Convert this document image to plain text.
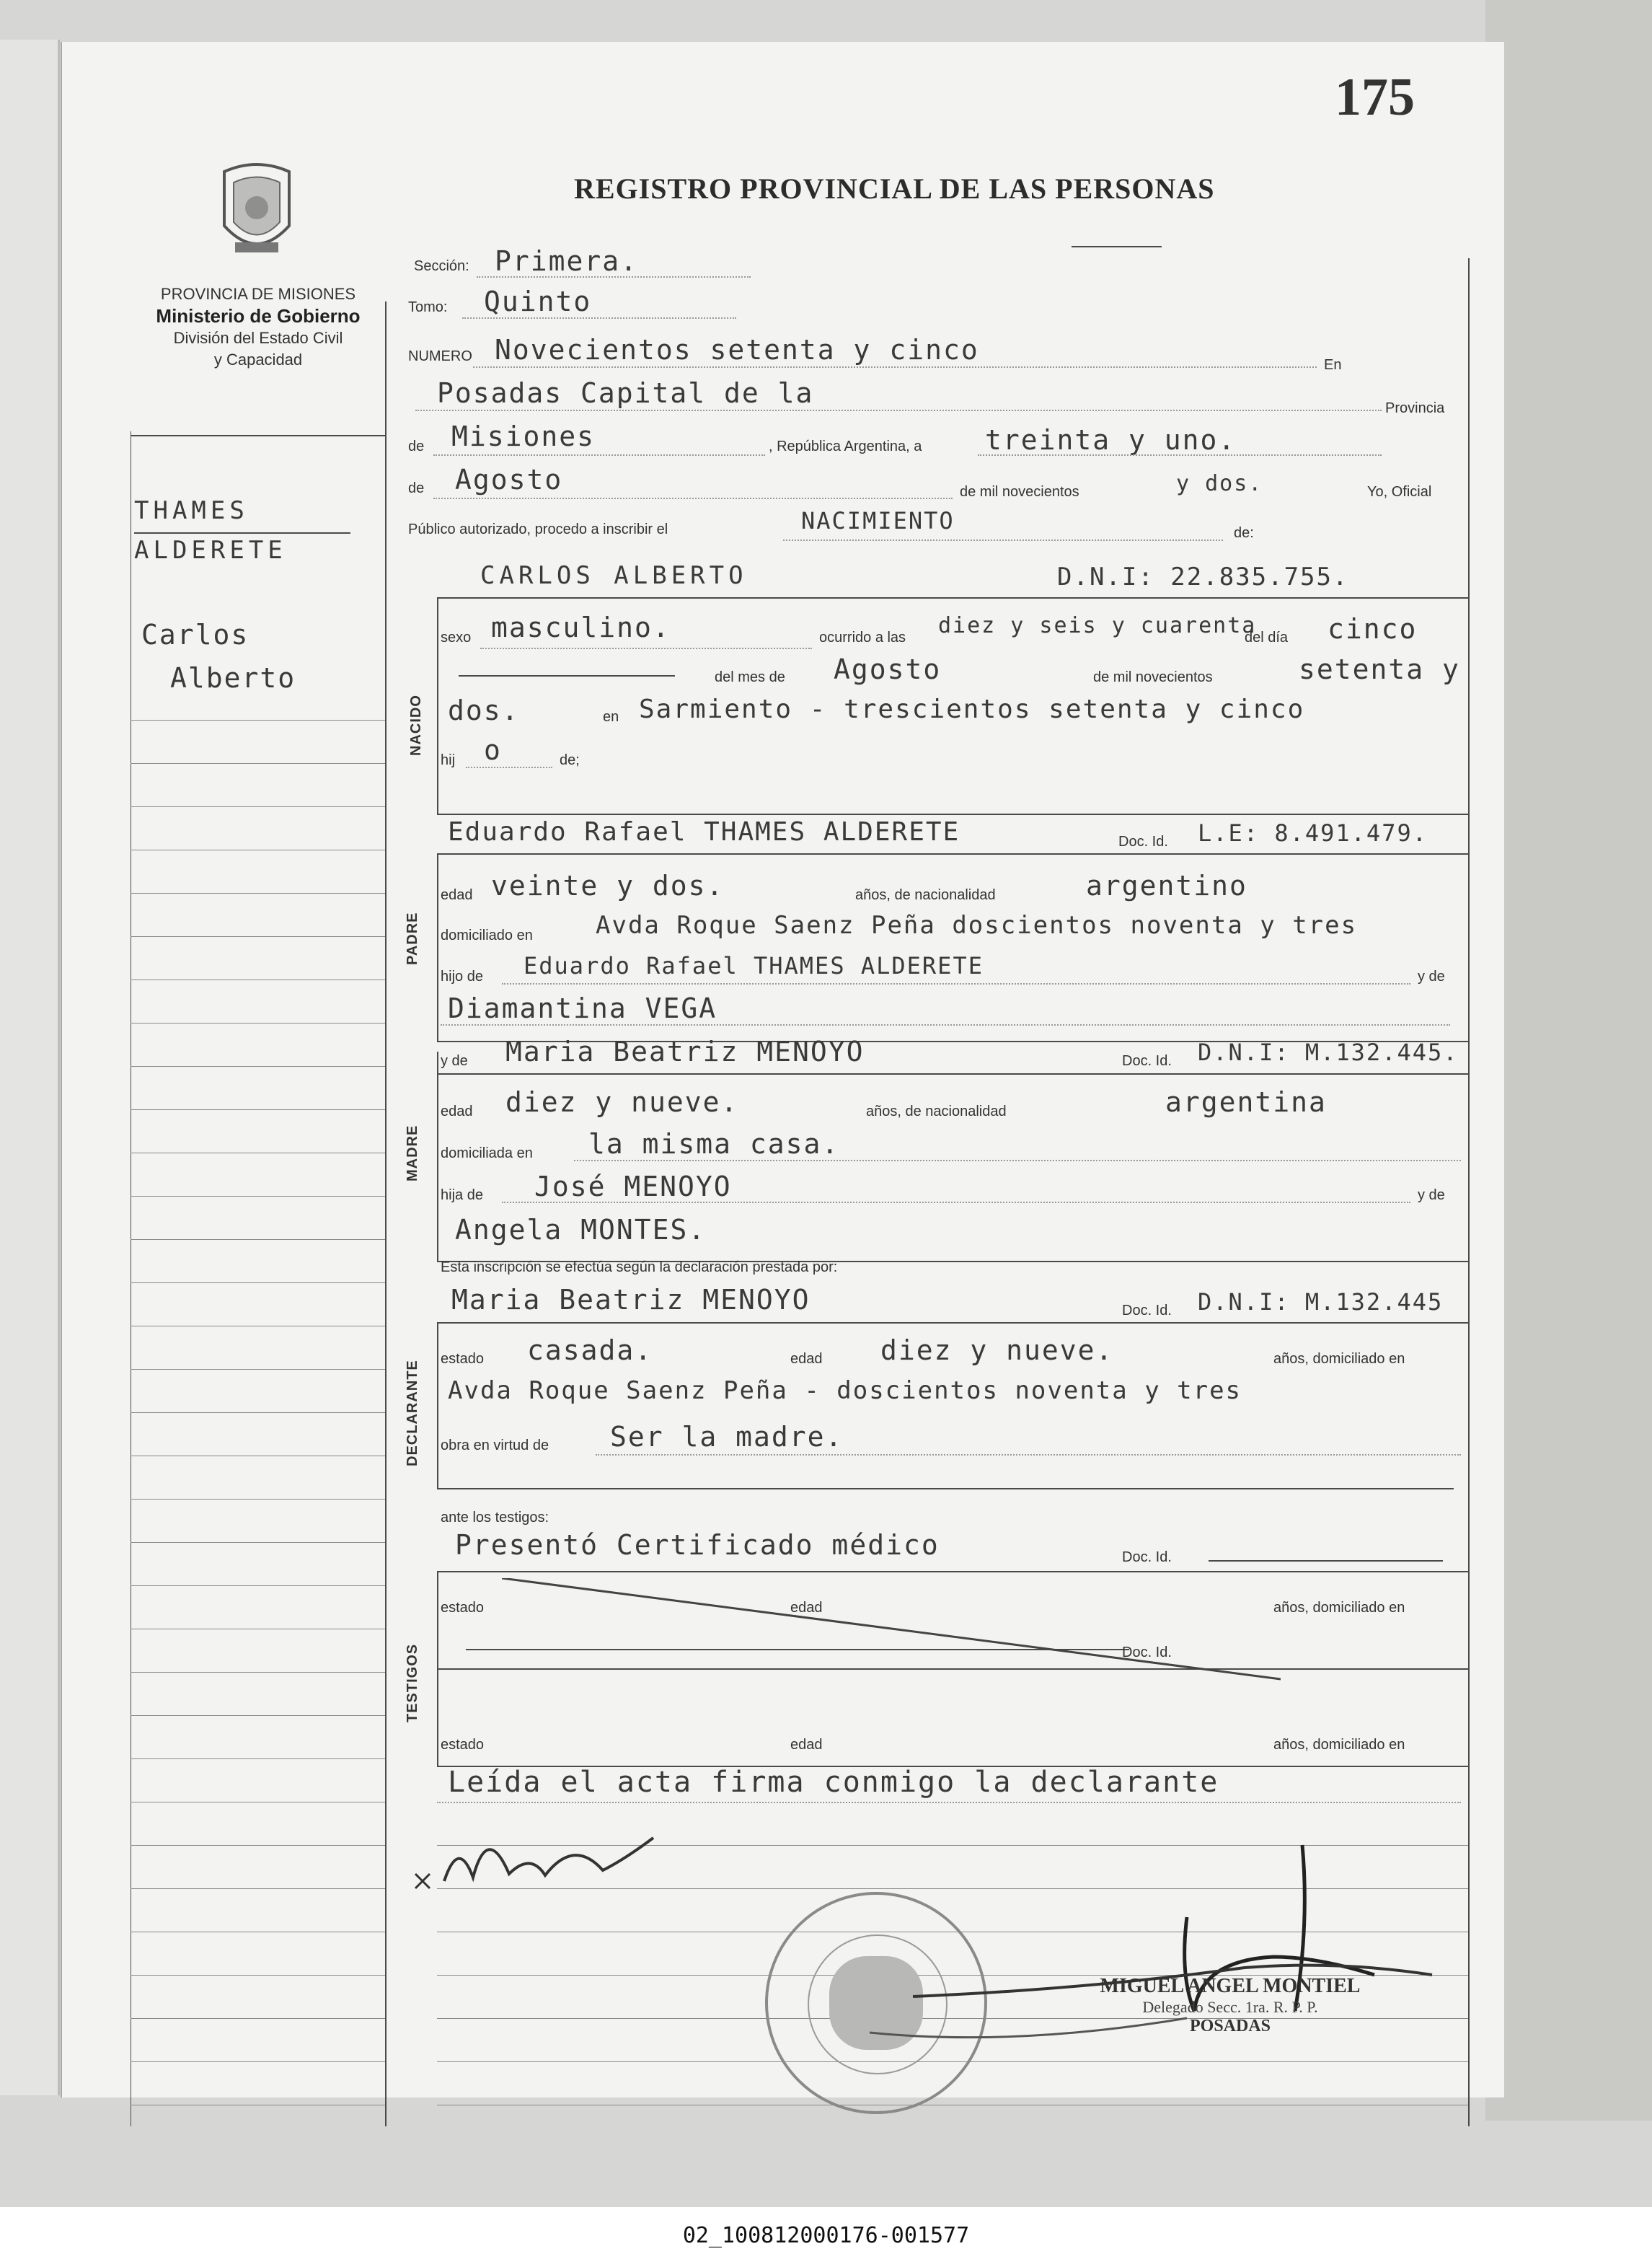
175
REGISTRO PROVINCIAL DE LAS PERSONAS
PROVINCIA DE MISIONES
Ministerio de Gobierno
División del Estado Civil
y Capacidad
THAMES
ALDERETE
Carlos
Alberto
Sección: Primera.
Tomo: Quinto
NUMERO Novecientos setenta y cinco	En
Posadas Capital de la	Provincia
de Misiones	, República Argentina, a treinta y uno.
de Agosto	de mil novecientos	y dos.	Yo, Oficial
Público autorizado, procedo a inscribir el	NACIMIENTO	de:
CARLOS ALBERTO	D.N.I: 22.835.755.
NACIDO
sexo masculino.	ocurrido a las diez y seis y cuarenta
del día cinco
del mes de Agosto	de mil novecientos	setenta y
dos.	en Sarmiento - trescientos setenta y cinco
hij o	de;
Eduardo Rafael THAMES ALDERETE	Doc. Id. L.E: 8.491.479.
PADRE
edad veinte y dos.	años, de nacionalidad	argentino
domiciliado en	Avda Roque Saenz Peña doscientos noventa y tres
hijo de Eduardo Rafael THAMES ALDERETE	y de
Diamantina VEGA
y de Maria Beatriz MENOYO	Doc. Id. D.N.I: M.132.445.
MADRE
edad diez y nueve.	años, de nacionalidad	argentina
domiciliada en la misma casa.
hija de José MENOYO	y de
Angela MONTES.
Esta inscripción se efectúa según la declaración prestada por:
Maria Beatriz MENOYO	Doc. Id. D.N.I: M.132.445
DECLARANTE
estado casada.	edad diez y nueve.	años, domiciliado en
Avda Roque Saenz Peña - doscientos noventa y tres
obra en virtud de Ser la madre.
ante los testigos:
Presentó Certificado médico	Doc. Id.
TESTIGOS
estado	edad	años, domiciliado en
Doc. Id.
estado	edad	años, domiciliado en
Leída el acta firma conmigo la declarante
MIGUEL ANGEL MONTIEL
Delegado Secc. 1ra. R. P. P.
POSADAS
02_100812000176-001577
